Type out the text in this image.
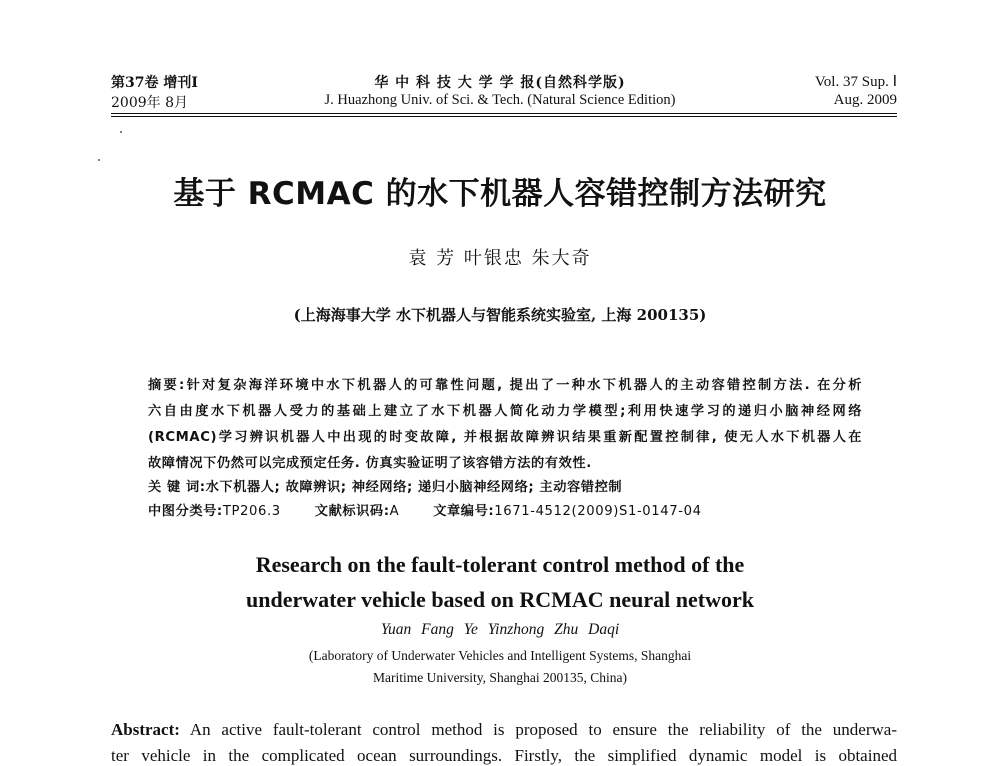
第37卷 增刊Ⅰ
2009年 8月
华 中 科 技 大 学 学 报(自然科学版)
J. Huazhong Univ. of Sci. & Tech. (Natural Science Edition)
Vol. 37 Sup. Ⅰ
Aug. 2009
基于 RCMAC 的水下机器人容错控制方法研究
袁 芳 叶银忠 朱大奇
(上海海事大学 水下机器人与智能系统实验室, 上海 200135)
摘要:针对复杂海洋环境中水下机器人的可靠性问题, 提出了一种水下机器人的主动容错控制方法. 在分析
六自由度水下机器人受力的基础上建立了水下机器人简化动力学模型;利用快速学习的递归小脑神经网络
(RCMAC)学习辨识机器人中出现的时变故障, 并根据故障辨识结果重新配置控制律, 使无人水下机器人在
故障情况下仍然可以完成预定任务. 仿真实验证明了该容错方法的有效性.
关 键 词:水下机器人; 故障辨识; 神经网络; 递归小脑神经网络; 主动容错控制
中图分类号:TP206.3	文献标识码:A	文章编号:1671-4512(2009)S1-0147-04
Research on the fault-tolerant control method of the
underwater vehicle based on RCMAC neural network
Yuan Fang Ye Yinzhong Zhu Daqi
(Laboratory of Underwater Vehicles and Intelligent Systems, Shanghai
Maritime University, Shanghai 200135, China)
Abstract: An active fault-tolerant control method is proposed to ensure the reliability of the underwa-
ter vehicle in the complicated ocean surroundings. Firstly, the simplified dynamic model is obtained
